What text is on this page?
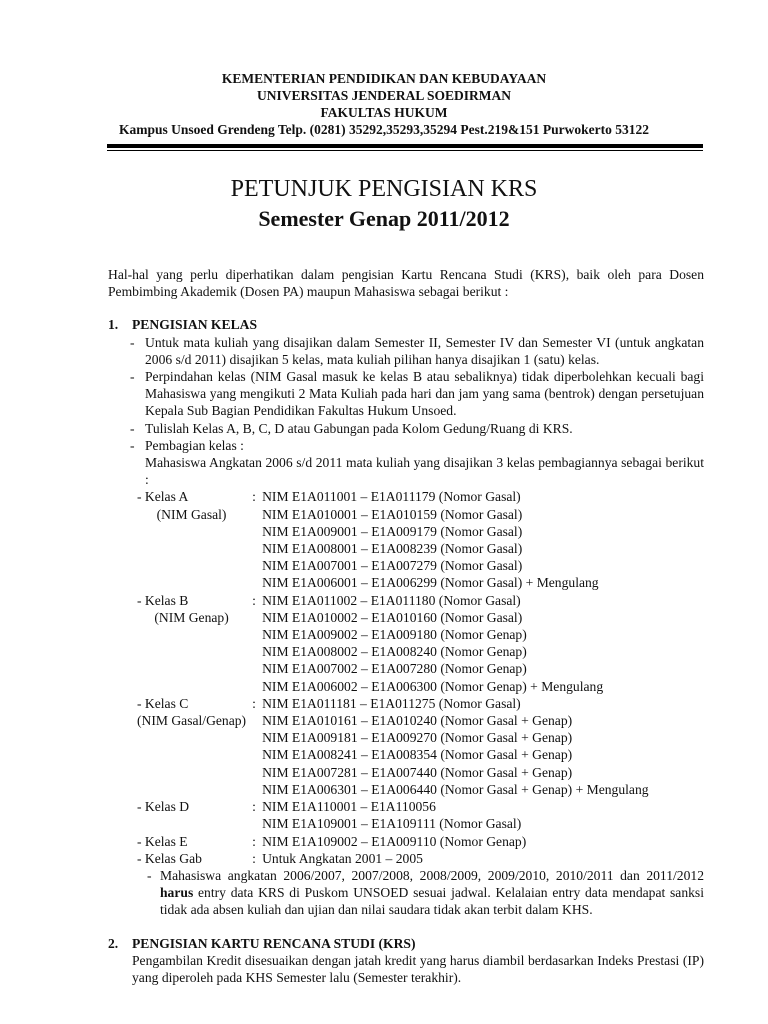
KEMENTERIAN PENDIDIKAN DAN KEBUDAYAAN
UNIVERSITAS JENDERAL SOEDIRMAN
FAKULTAS HUKUM
Kampus Unsoed Grendeng Telp. (0281) 35292,35293,35294 Pest.219&151 Purwokerto 53122
PETUNJUK PENGISIAN KRS
Semester Genap 2011/2012

Hal-hal yang perlu diperhatikan dalam pengisian Kartu Rencana Studi (KRS), baik oleh para Dosen Pembimbing Akademik (Dosen PA) maupun Mahasiswa sebagai berikut :

1. PENGISIAN KELAS
- Untuk mata kuliah yang disajikan dalam Semester II, Semester IV dan Semester VI (untuk angkatan 2006 s/d 2011) disajikan 5 kelas, mata kuliah pilihan hanya disajikan 1 (satu) kelas.
- Perpindahan kelas (NIM Gasal masuk ke kelas B atau sebaliknya) tidak diperbolehkan kecuali bagi Mahasiswa yang mengikuti 2 Mata Kuliah pada hari dan jam yang sama (bentrok) dengan persetujuan Kepala Sub Bagian Pendidikan Fakultas Hukum Unsoed.
- Tulislah Kelas A, B, C, D atau Gabungan pada Kolom Gedung/Ruang di KRS.
- Pembagian kelas :
Mahasiswa Angkatan 2006 s/d 2011 mata kuliah yang disajikan 3 kelas pembagiannya sebagai berikut :
- Kelas A	:	NIM E1A011001 – E1A011179 (Nomor Gasal)
(NIM Gasal)		NIM E1A010001 – E1A010159 (Nomor Gasal)
		NIM E1A009001 – E1A009179 (Nomor Gasal)
		NIM E1A008001 – E1A008239 (Nomor Gasal)
		NIM E1A007001 – E1A007279 (Nomor Gasal)
		NIM E1A006001 – E1A006299 (Nomor Gasal) + Mengulang
- Kelas B	:	NIM E1A011002 – E1A011180 (Nomor Gasal)
(NIM Genap)		NIM E1A010002 – E1A010160 (Nomor Gasal)
		NIM E1A009002 – E1A009180 (Nomor Genap)
		NIM E1A008002 – E1A008240 (Nomor Genap)
		NIM E1A007002 – E1A007280 (Nomor Genap)
		NIM E1A006002 – E1A006300 (Nomor Genap) + Mengulang
- Kelas C	:	NIM E1A011181 – E1A011275 (Nomor Gasal)
(NIM Gasal/Genap)		NIM E1A010161 – E1A010240 (Nomor Gasal + Genap)
		NIM E1A009181 – E1A009270 (Nomor Gasal + Genap)
		NIM E1A008241 – E1A008354 (Nomor Gasal + Genap)
		NIM E1A007281 – E1A007440 (Nomor Gasal + Genap)
		NIM E1A006301 – E1A006440 (Nomor Gasal + Genap) + Mengulang
- Kelas D	:	NIM E1A110001 – E1A110056
		NIM E1A109001 – E1A109111 (Nomor Gasal)
- Kelas E	:	NIM E1A109002 – E1A009110 (Nomor Genap)
- Kelas Gab	:	Untuk Angkatan 2001 – 2005
- Mahasiswa angkatan 2006/2007, 2007/2008, 2008/2009, 2009/2010, 2010/2011 dan 2011/2012 harus entry data KRS di Puskom UNSOED sesuai jadwal. Kelalaian entry data mendapat sanksi tidak ada absen kuliah dan ujian dan nilai saudara tidak akan terbit dalam KHS.
2. PENGISIAN KARTU RENCANA STUDI (KRS)
Pengambilan Kredit disesuaikan dengan jatah kredit yang harus diambil berdasarkan Indeks Prestasi (IP) yang diperoleh pada KHS Semester lalu (Semester terakhir).
